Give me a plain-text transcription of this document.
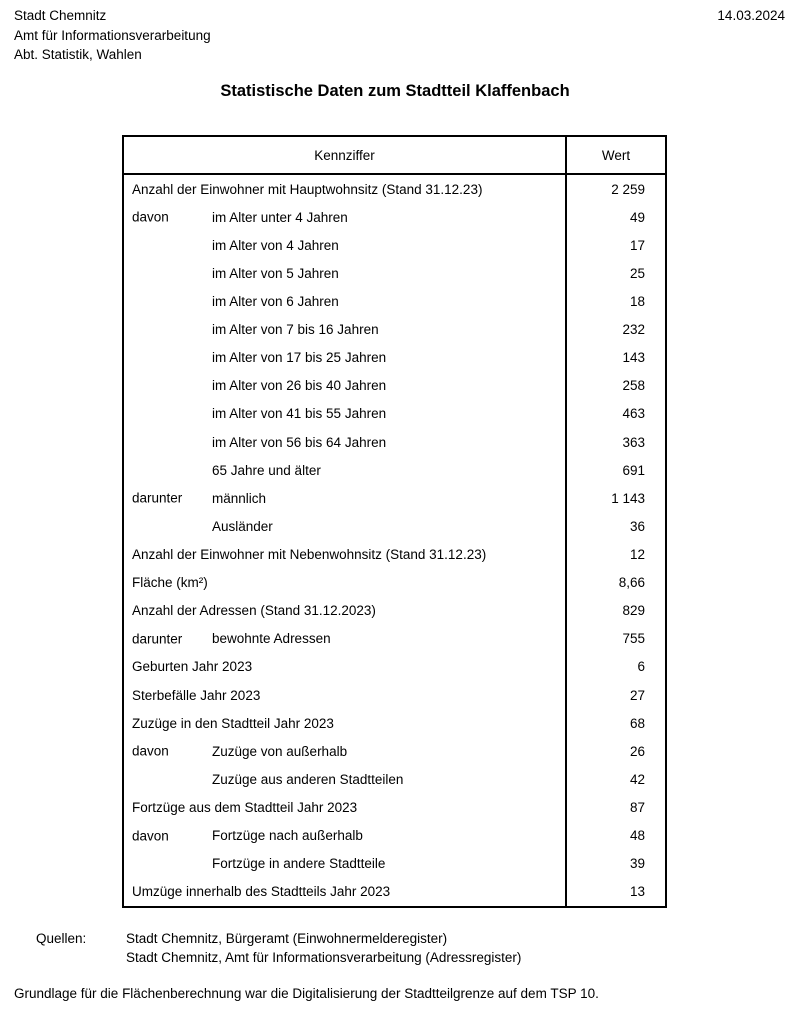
Stadt Chemnitz
Amt für Informationsverarbeitung
Abt. Statistik, Wahlen
14.03.2024
Statistische Daten zum Stadtteil Klaffenbach
Kennziffer	Wert
Anzahl der Einwohner mit Hauptwohnsitz (Stand 31.12.23)	2 259
davon	im Alter unter 4 Jahren	49
im Alter von 4 Jahren	17
im Alter von 5 Jahren	25
im Alter von 6 Jahren	18
im Alter von 7 bis 16 Jahren	232
im Alter von 17 bis 25 Jahren	143
im Alter von 26 bis 40 Jahren	258
im Alter von 41 bis 55 Jahren	463
im Alter von 56 bis 64 Jahren	363
65 Jahre und älter	691
darunter männlich	1 143
Ausländer	36
Anzahl der Einwohner mit Nebenwohnsitz (Stand 31.12.23)	12
Fläche (km²)	8,66
Anzahl der Adressen (Stand 31.12.2023)	829
darunter bewohnte Adressen	755
Geburten Jahr 2023	6
Sterbefälle Jahr 2023	27
Zuzüge in den Stadtteil Jahr 2023	68
davon	Zuzüge von außerhalb	26
Zuzüge aus anderen Stadtteilen	42
Fortzüge aus dem Stadtteil Jahr 2023	87
davon	Fortzüge nach außerhalb	48
Fortzüge in andere Stadtteile	39
Umzüge innerhalb des Stadtteils Jahr 2023	13
Quellen:	Stadt Chemnitz, Bürgeramt (Einwohnermelderegister)
Stadt Chemnitz, Amt für Informationsverarbeitung (Adressregister)
Grundlage für die Flächenberechnung war die Digitalisierung der Stadtteilgrenze auf dem TSP 10.
